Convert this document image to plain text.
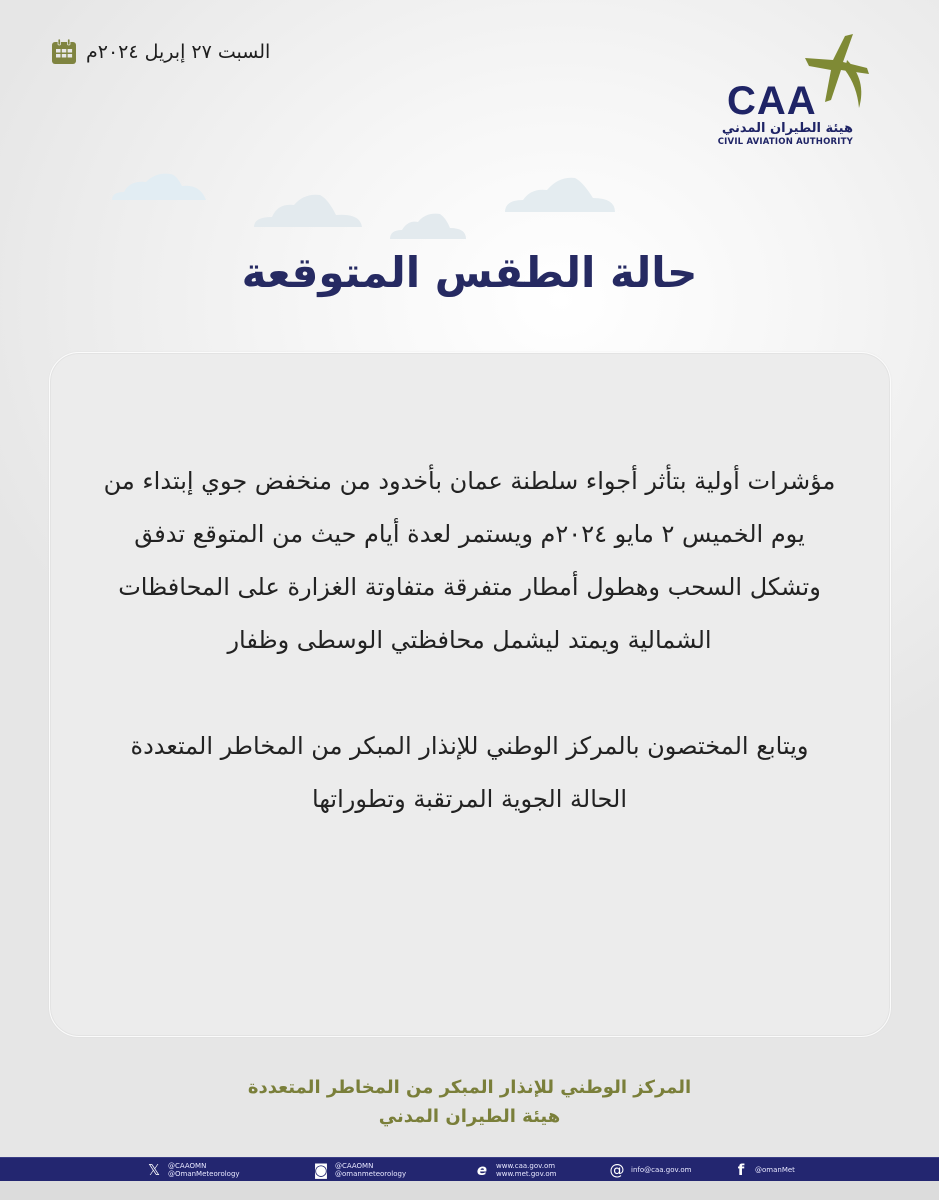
السبت ٢٧ إبريل ٢٠٢٤م
CAA
هيئة الطيران المدني
CIVIL AVIATION AUTHORITY
حالة الطقس المتوقعة
مؤشرات أولية بتأثر أجواء سلطنة عمان بأخدود من منخفض جوي إبتداء من
يوم الخميس ٢ مايو ٢٠٢٤م ويستمر لعدة أيام حيث من المتوقع تدفق
وتشكل السحب وهطول أمطار متفرقة متفاوتة الغزارة على المحافظات
الشمالية ويمتد ليشمل محافظتي الوسطى وظفار
ويتابع المختصون بالمركز الوطني للإنذار المبكر من المخاطر المتعددة
الحالة الجوية المرتقبة وتطوراتها
المركز الوطني للإنذار المبكر من المخاطر المتعددة
هيئة الطيران المدني
𝕏 @CAAOMN
@OmanMeteorology	◙ @CAAOMN
@omanmeteorology	e	www.caa.gov.om
www.met.gov.om	@ info@caa.gov.om	f	@omanMet
